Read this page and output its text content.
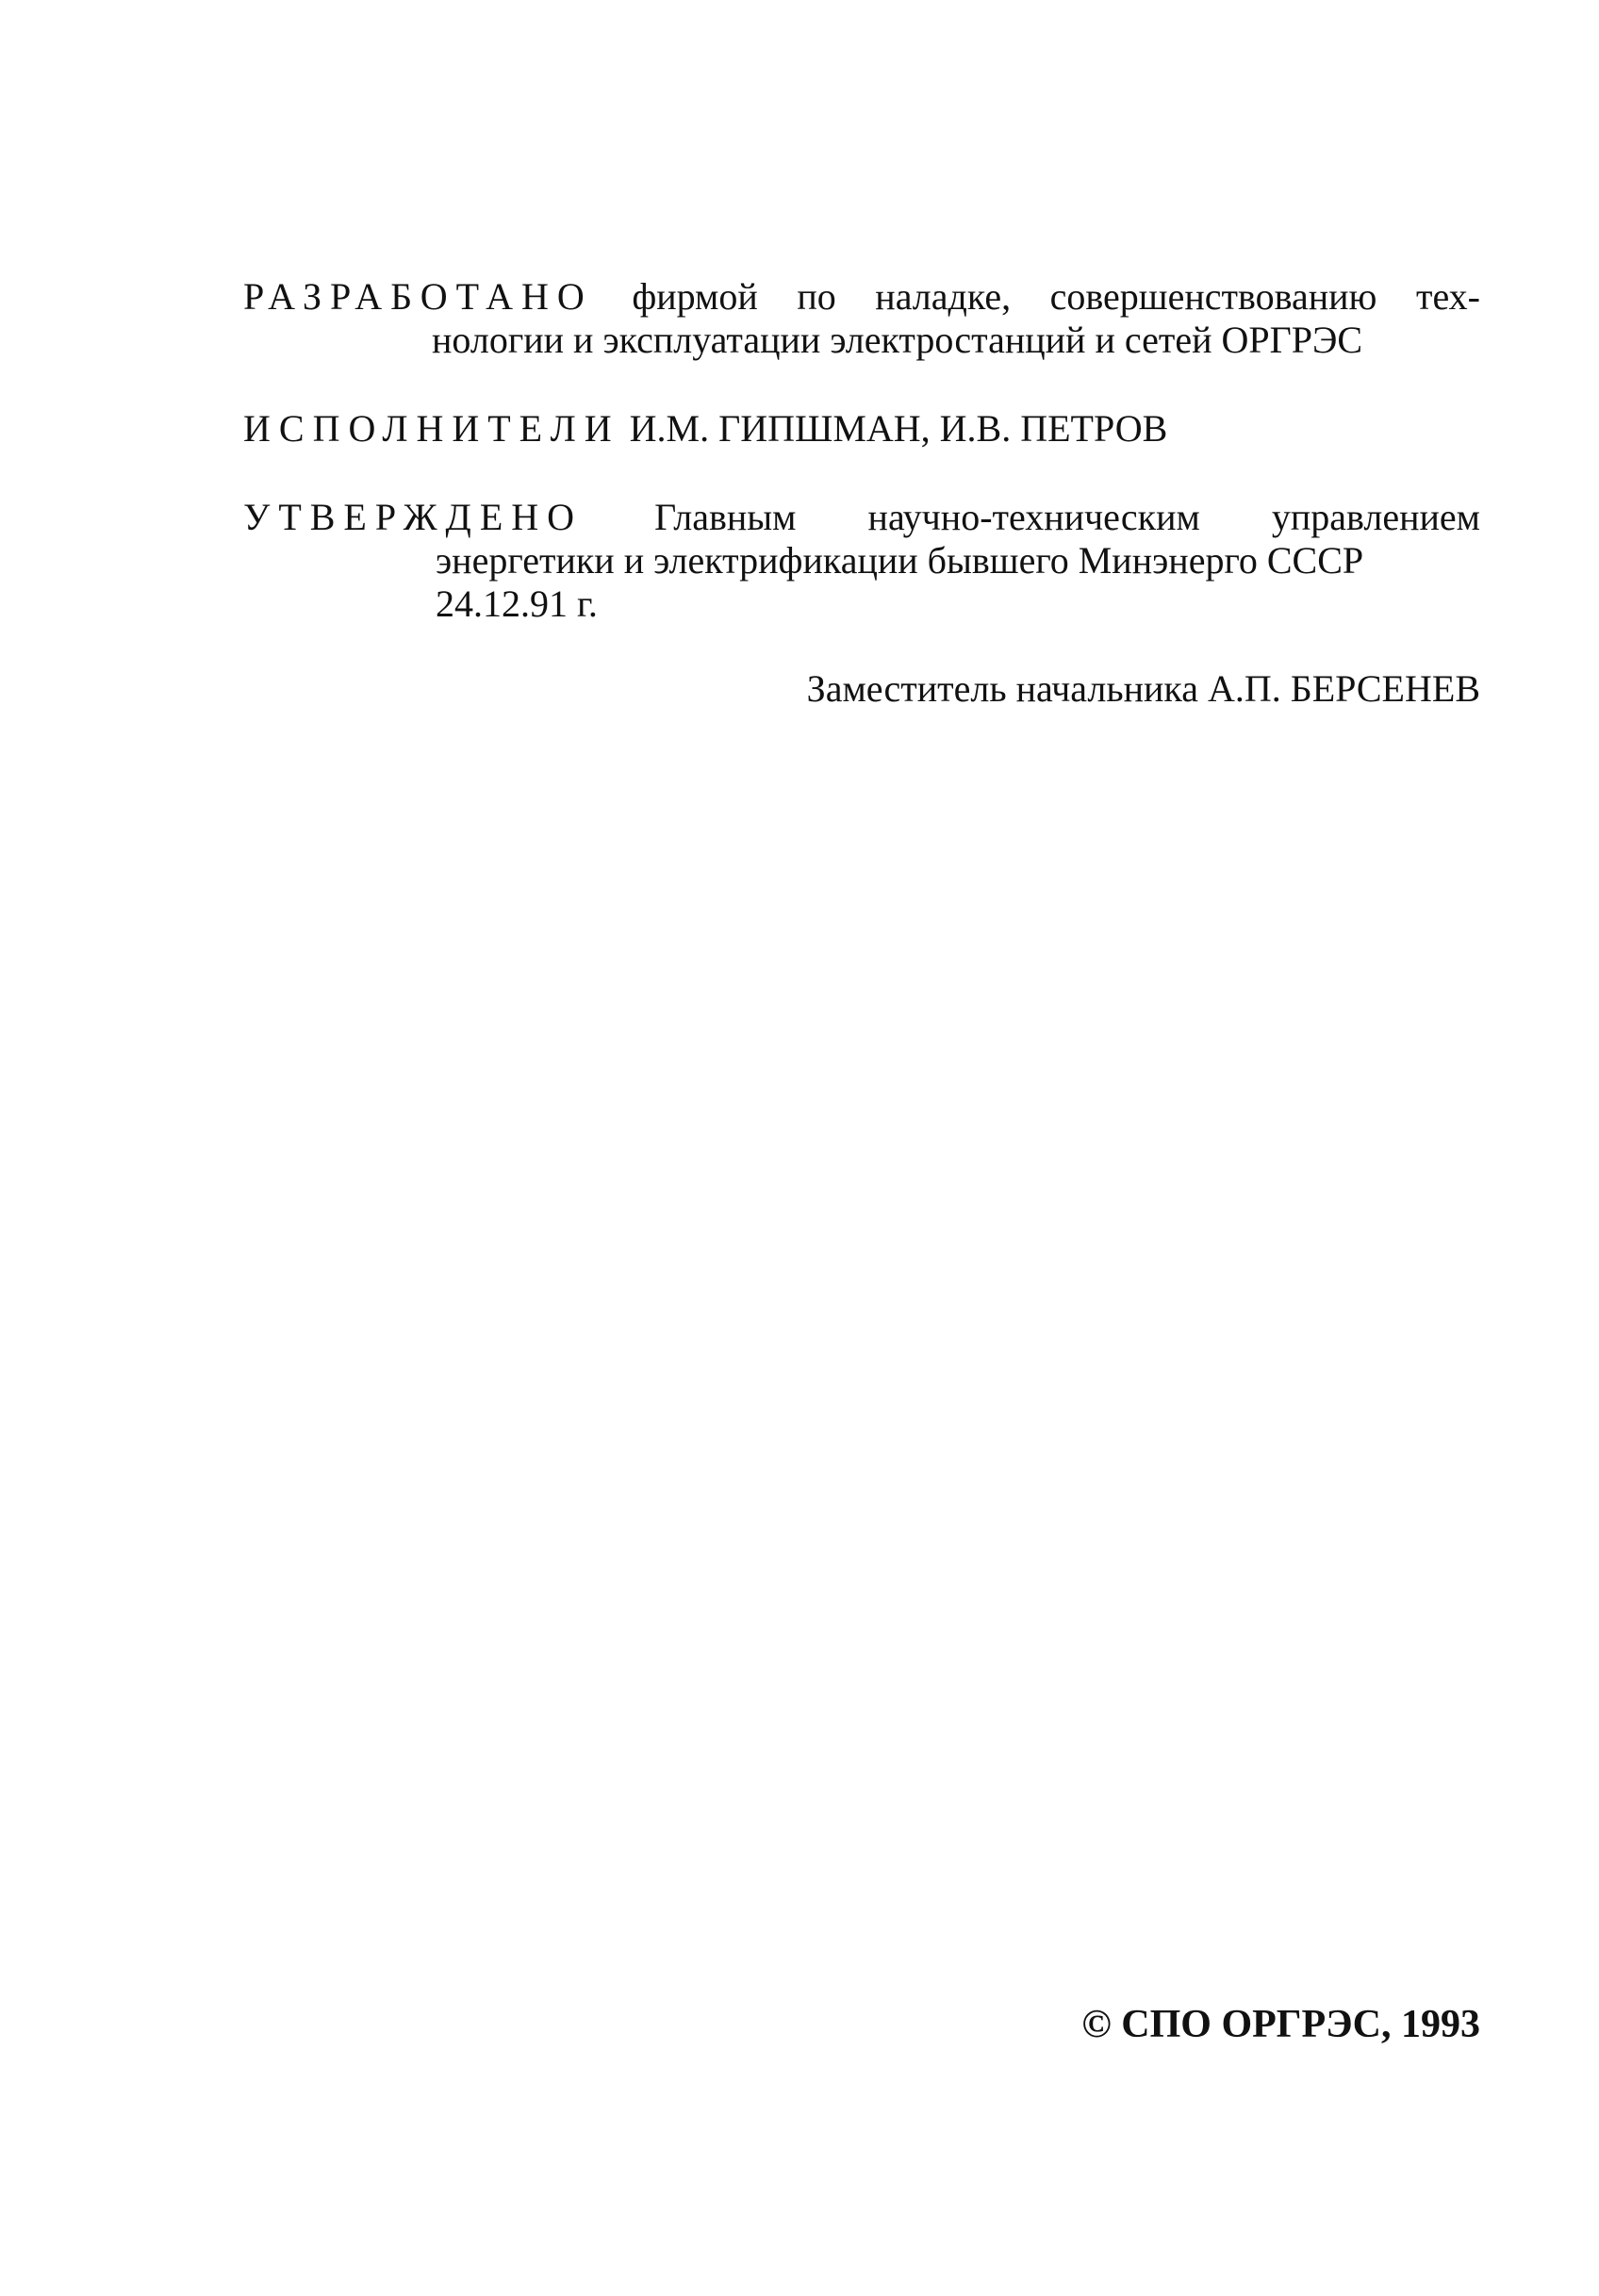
РАЗРАБОТАНО фирмой по наладке, совершенствованию тех-
нологии и эксплуатации электростанций и сетей ОРГРЭС
ИСПОЛНИТЕЛИ И.М. ГИПШМАН, И.В. ПЕТРОВ
УТВЕРЖДЕНО Главным научно-техническим управлением
энергетики и электрификации бывшего Минэнерго СССР
24.12.91 г.
Заместитель начальника А.П. БЕРСЕНЕВ
© СПО ОРГРЭС, 1993
